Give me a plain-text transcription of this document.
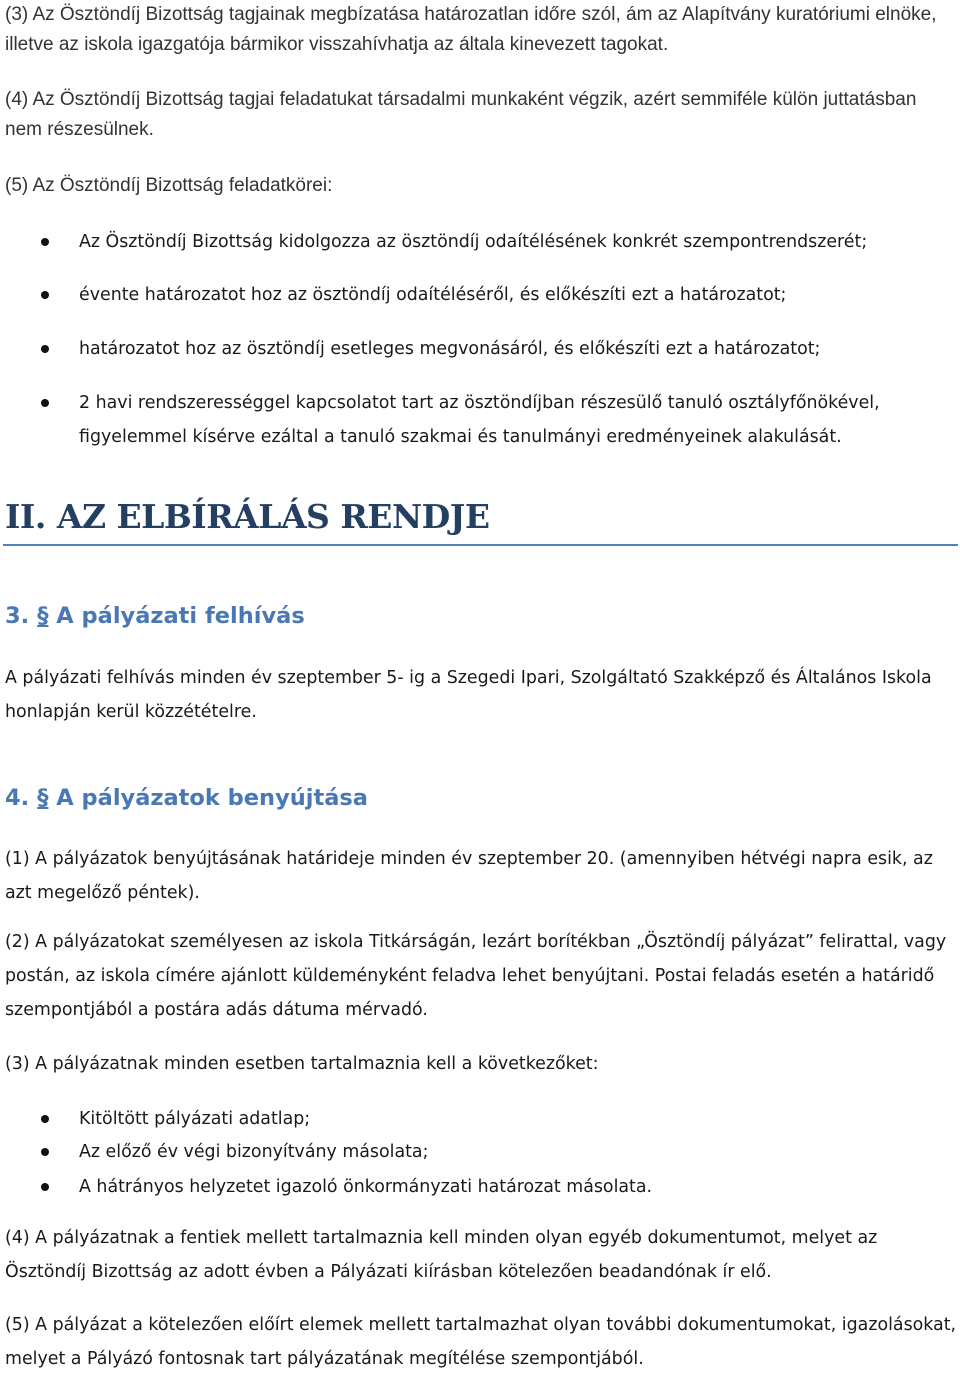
(3) Az Ösztöndíj Bizottság tagjainak megbízatása határozatlan időre szól, ám az Alapítvány kuratóriumi elnöke, illetve az iskola igazgatója bármikor visszahívhatja az általa kinevezett tagokat.

(4) Az Ösztöndíj Bizottság tagjai feladatukat társadalmi munkaként végzik, azért semmiféle külön juttatásban nem részesülnek.

(5) Az Ösztöndíj Bizottság feladatkörei:

Az Ösztöndíj Bizottság kidolgozza az ösztöndíj odaítélésének konkrét szempontrendszerét;
évente határozatot hoz az ösztöndíj odaítéléséről, és előkészíti ezt a határozatot;
határozatot hoz az ösztöndíj esetleges megvonásáról, és előkészíti ezt a határozatot;
2 havi rendszerességgel kapcsolatot tart az ösztöndíjban részesülő tanuló osztályfőnökével, figyelemmel kísérve ezáltal a tanuló szakmai és tanulmányi eredményeinek alakulását.
II. AZ ELBÍRÁLÁS RENDJE
3. § A pályázati felhívás

A pályázati felhívás minden év szeptember 5- ig a Szegedi Ipari, Szolgáltató Szakképző és Általános Iskola honlapján kerül közzétételre.

4. § A pályázatok benyújtása

(1) A pályázatok benyújtásának határideje minden év szeptember 20. (amennyiben hétvégi napra esik, az azt megelőző péntek).

(2) A pályázatokat személyesen az iskola Titkárságán, lezárt borítékban „Ösztöndíj pályázat” felirattal, vagy postán, az iskola címére ajánlott küldeményként feladva lehet benyújtani. Postai feladás esetén a határidő szempontjából a postára adás dátuma mérvadó.

(3) A pályázatnak minden esetben tartalmaznia kell a következőket:

Kitöltött pályázati adatlap;
Az előző év végi bizonyítvány másolata;
A hátrányos helyzetet igazoló önkormányzati határozat másolata.

(4) A pályázatnak a fentiek mellett tartalmaznia kell minden olyan egyéb dokumentumot, melyet az Ösztöndíj Bizottság az adott évben a Pályázati kiírásban kötelezően beadandónak ír elő.

(5) A pályázat a kötelezően előírt elemek mellett tartalmazhat olyan további dokumentumokat, igazolásokat, melyet a Pályázó fontosnak tart pályázatának megítélése szempontjából.
